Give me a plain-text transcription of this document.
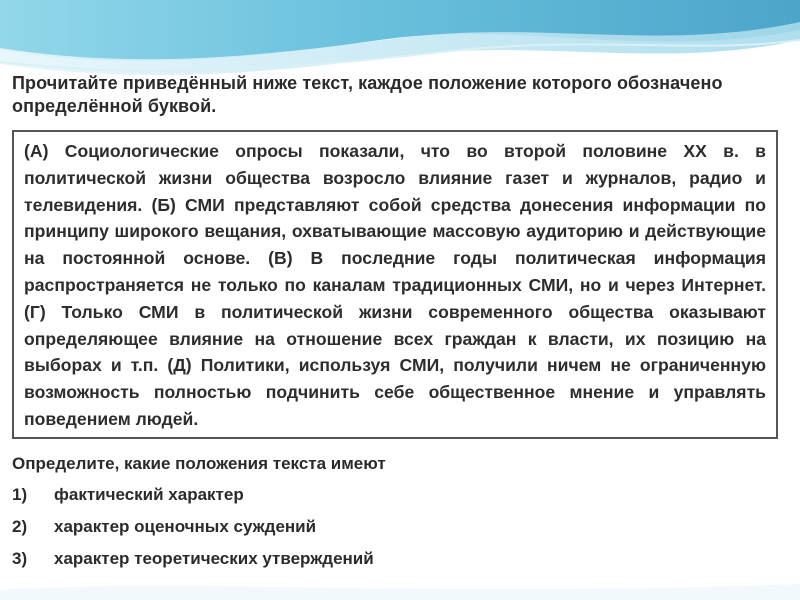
Прочитайте приведённый ниже текст, каждое положение которого обозначено определённой буквой.
(А) Социологические опросы показали, что во второй половине XX в. в политической жизни общества возросло влияние газет и журналов, радио и телевидения. (Б) СМИ представляют собой средства донесения информации по принципу широкого вещания, охватывающие массовую аудиторию и действующие на постоянной основе. (В) В последние годы политическая информация распространяется не только по каналам традиционных СМИ, но и через Интернет. (Г) Только СМИ в политической жизни современного общества оказывают определяющее влияние на отношение всех граждан к власти, их позицию на выборах и т.п. (Д) Политики, используя СМИ, получили ничем не ограниченную возможность полностью подчинить себе общественное мнение и управлять поведением людей.
Определите, какие положения текста имеют
1)	фактический характер
2)	характер оценочных суждений
3)	характер теоретических утверждений
